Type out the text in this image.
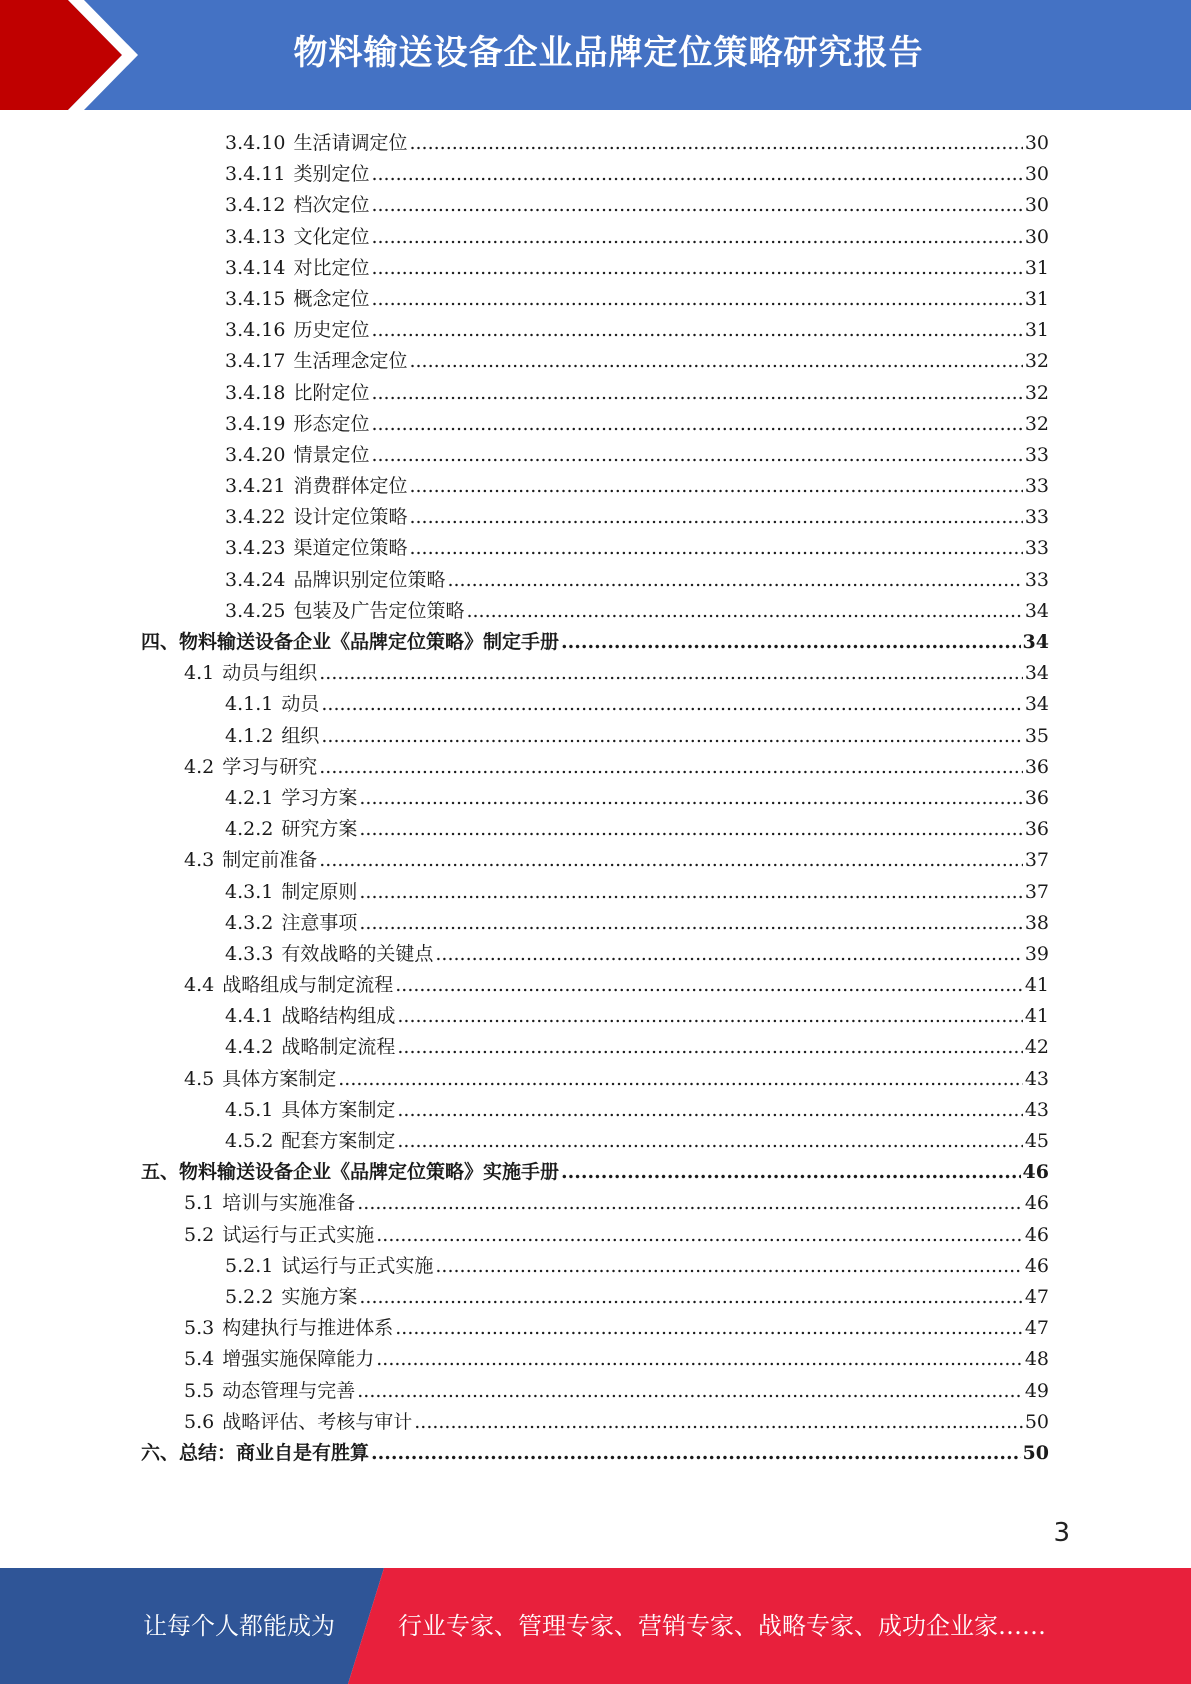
物料输送设备企业品牌定位策略研究报告
3.4.10 生活请调定位 .....	30
3.4.11 类别定位 .....	30
3.4.12 档次定位 .....	30
3.4.13 文化定位 .....	30
3.4.14 对比定位 .....	31
3.4.15 概念定位 .....	31
3.4.16 历史定位 .....	31
3.4.17 生活理念定位 .....	32
3.4.18 比附定位 .....	32
3.4.19 形态定位 .....	32
3.4.20 情景定位 .....	33
3.4.21 消费群体定位 .....	33
3.4.22 设计定位策略 .....	33
3.4.23 渠道定位策略 .....	33
3.4.24 品牌识别定位策略 .....	33
3.4.25 包装及广告定位策略 .....	34
四、物料输送设备企业《品牌定位策略》制定手册 .....	34
4.1 动员与组织 .....	34
4.1.1 动员 .....	34
4.1.2 组织 .....	35
4.2 学习与研究 .....	36
4.2.1 学习方案 .....	36
4.2.2 研究方案 .....	36
4.3 制定前准备 .....	37
4.3.1 制定原则 .....	37
4.3.2 注意事项 .....	38
4.3.3 有效战略的关键点 .....	39
4.4 战略组成与制定流程 .....	41
4.4.1 战略结构组成 .....	41
4.4.2 战略制定流程 .....	42
4.5 具体方案制定 .....	43
4.5.1 具体方案制定 .....	43
4.5.2 配套方案制定 .....	45
五、物料输送设备企业《品牌定位策略》实施手册 .....	46
5.1 培训与实施准备 .....	46
5.2 试运行与正式实施 .....	46
5.2.1 试运行与正式实施 .....	46
5.2.2 实施方案 .....	47
5.3 构建执行与推进体系 .....	47
5.4 增强实施保障能力 .....	48
5.5 动态管理与完善 .....	49
5.6 战略评估、考核与审计 .....	50
六、总结：商业自是有胜算 .....	50
3
让每个人都能成为	行业专家、管理专家、营销专家、战略专家、成功企业家……
